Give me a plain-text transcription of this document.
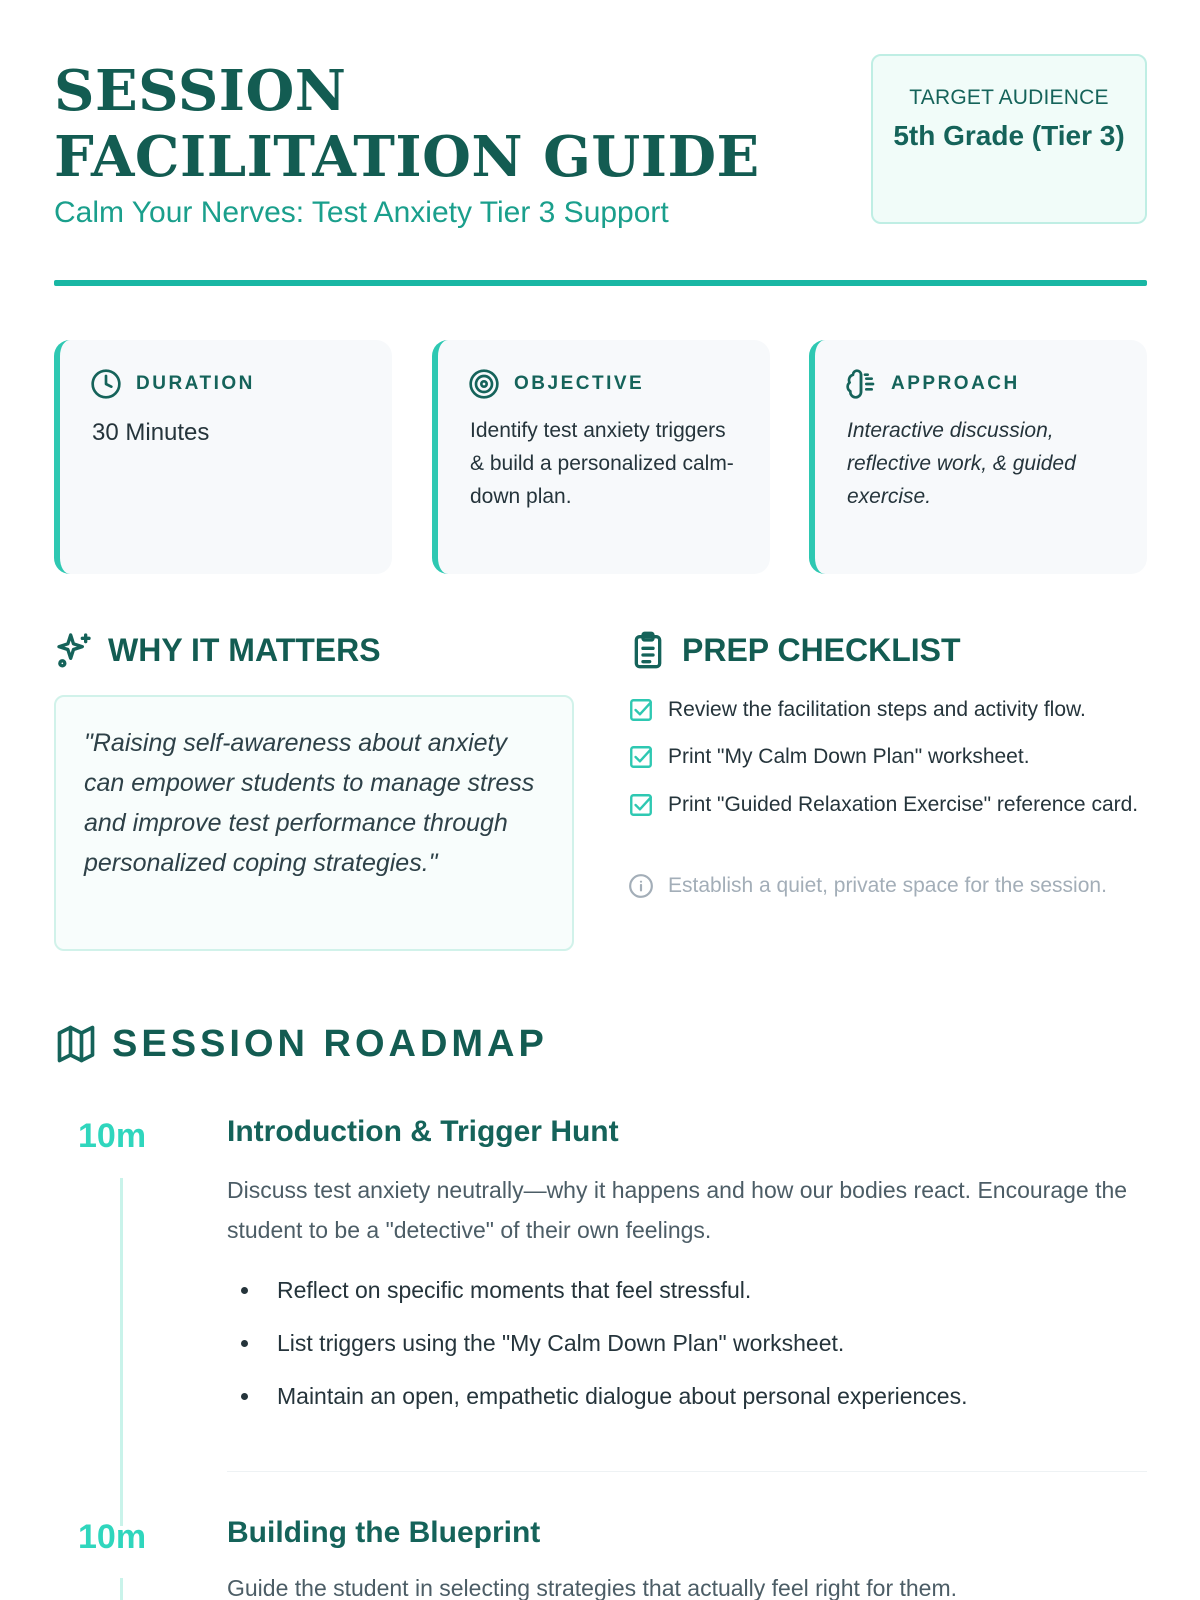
SESSION FACILITATION GUIDE
Calm Your Nerves: Test Anxiety Tier 3 Support
TARGET AUDIENCE
5th Grade (Tier 3)
DURATION
30 Minutes
OBJECTIVE
Identify test anxiety triggers & build a personalized calm-down plan.
APPROACH
Interactive discussion, reflective work, & guided exercise.
WHY IT MATTERS

"Raising self-awareness about anxiety can empower students to manage stress and improve test performance through personalized coping strategies."

PREP CHECKLIST
Review the facilitation steps and activity flow.
Print "My Calm Down Plan" worksheet.
Print "Guided Relaxation Exercise" reference card.
Establish a quiet, private space for the session.
SESSION ROADMAP
10m	Introduction & Trigger Hunt
Discuss test anxiety neutrally—why it happens and how our bodies react. Encourage the student to be a "detective" of their own feelings.
Reflect on specific moments that feel stressful.
List triggers using the "My Calm Down Plan" worksheet.
Maintain an open, empathetic dialogue about personal experiences.
10m	Building the Blueprint
Guide the student in selecting strategies that actually feel right for them.
